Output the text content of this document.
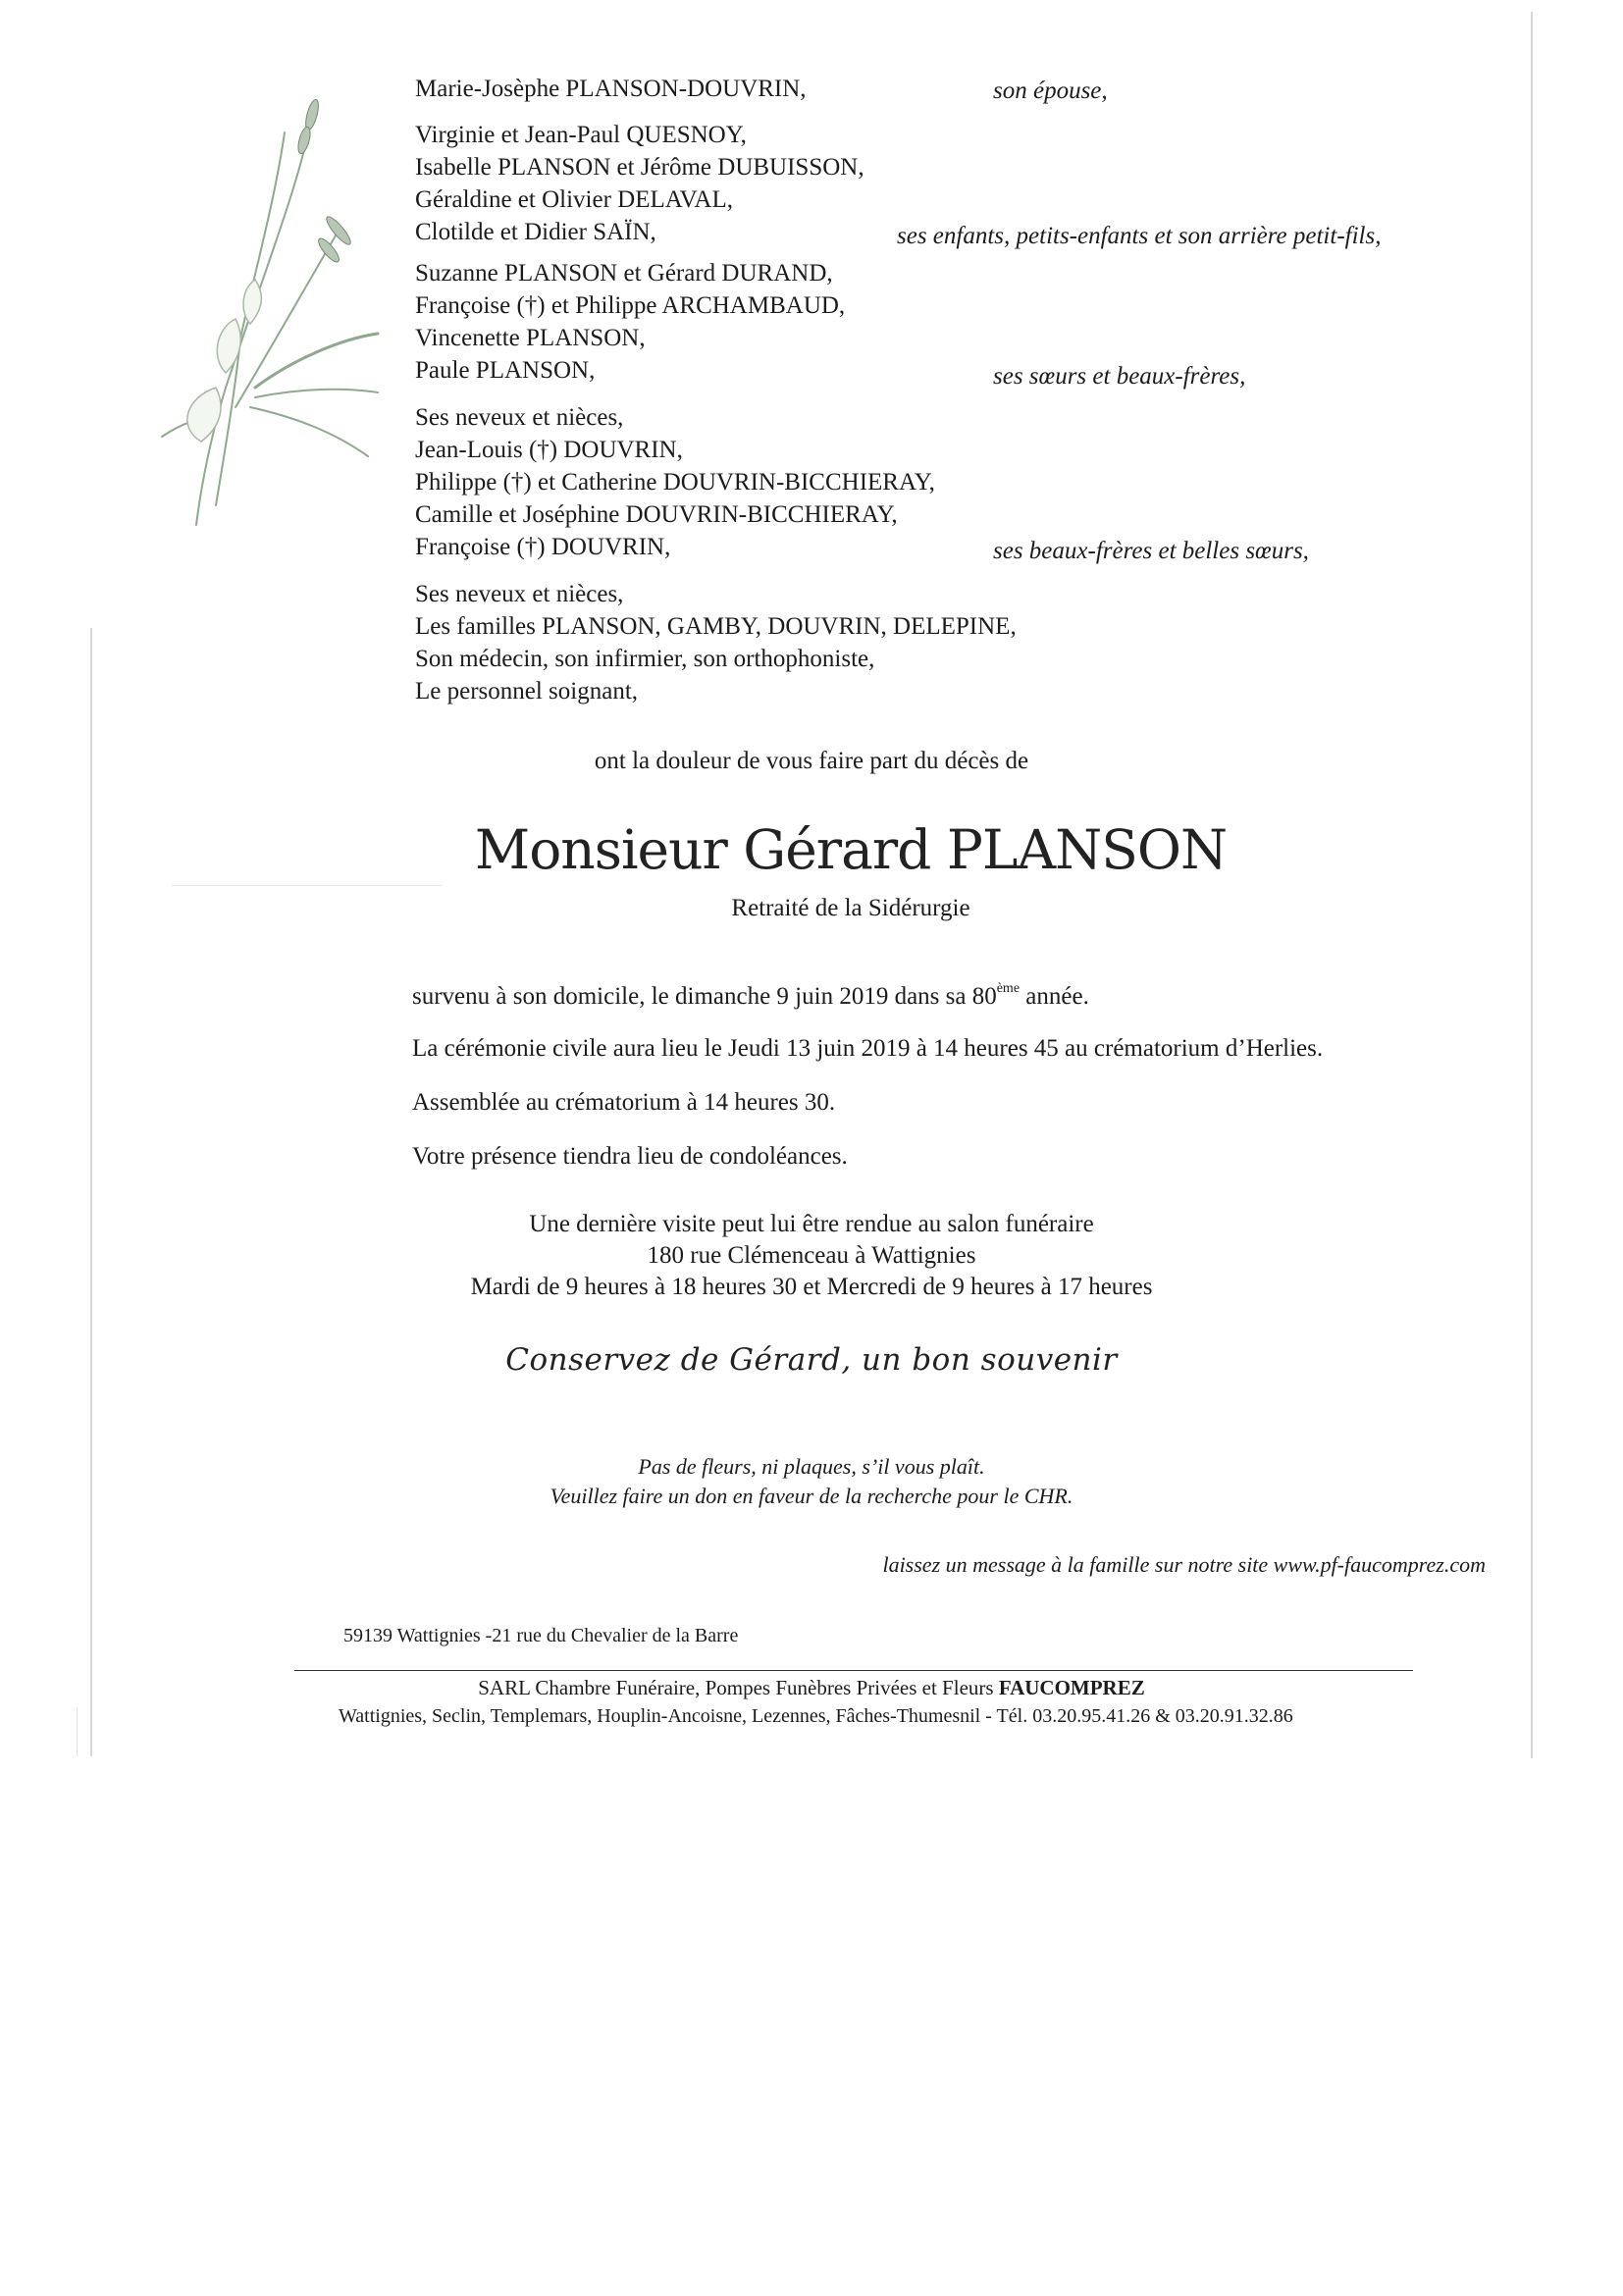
Marie-Josèphe PLANSON-DOUVRIN,	son épouse,

Virginie et Jean-Paul QUESNOY,

Isabelle PLANSON et Jérôme DUBUISSON,

Géraldine et Olivier DELAVAL,

Clotilde et Didier SAÏN,	ses enfants, petits-enfants et son arrière petit-fils,

Suzanne PLANSON et Gérard DURAND,

Françoise (†) et Philippe ARCHAMBAUD,

Vincenette PLANSON,

Paule PLANSON,	ses sœurs et beaux-frères,

Ses neveux et nièces,

Jean-Louis (†) DOUVRIN,

Philippe (†) et Catherine DOUVRIN-BICCHIERAY,

Camille et Joséphine DOUVRIN-BICCHIERAY,

Françoise (†) DOUVRIN,	ses beaux-frères et belles sœurs,

Ses neveux et nièces,

Les familles PLANSON, GAMBY, DOUVRIN, DELEPINE,

Son médecin, son infirmier, son orthophoniste,

Le personnel soignant,

ont la douleur de vous faire part du décès de
Monsieur Gérard PLANSON
Retraité de la Sidérurgie
survenu à son domicile, le dimanche 9 juin 2019 dans sa 80ème année.
La cérémonie civile aura lieu le Jeudi 13 juin 2019 à 14 heures 45 au crématorium d’Herlies.
Assemblée au crématorium à 14 heures 30.
Votre présence tiendra lieu de condoléances.
Une dernière visite peut lui être rendue au salon funéraire
180 rue Clémenceau à Wattignies
Mardi de 9 heures à 18 heures 30 et Mercredi de 9 heures à 17 heures
Conservez de Gérard, un bon souvenir
Pas de fleurs, ni plaques, s’il vous plaît.
Veuillez faire un don en faveur de la recherche pour le CHR.
laissez un message à la famille sur notre site www.pf-faucomprez.com
59139 Wattignies -21 rue du Chevalier de la Barre
SARL Chambre Funéraire, Pompes Funèbres Privées et Fleurs FAUCOMPREZ
Wattignies, Seclin, Templemars, Houplin-Ancoisne, Lezennes, Fâches-Thumesnil - Tél. 03.20.95.41.26 & 03.20.91.32.86
